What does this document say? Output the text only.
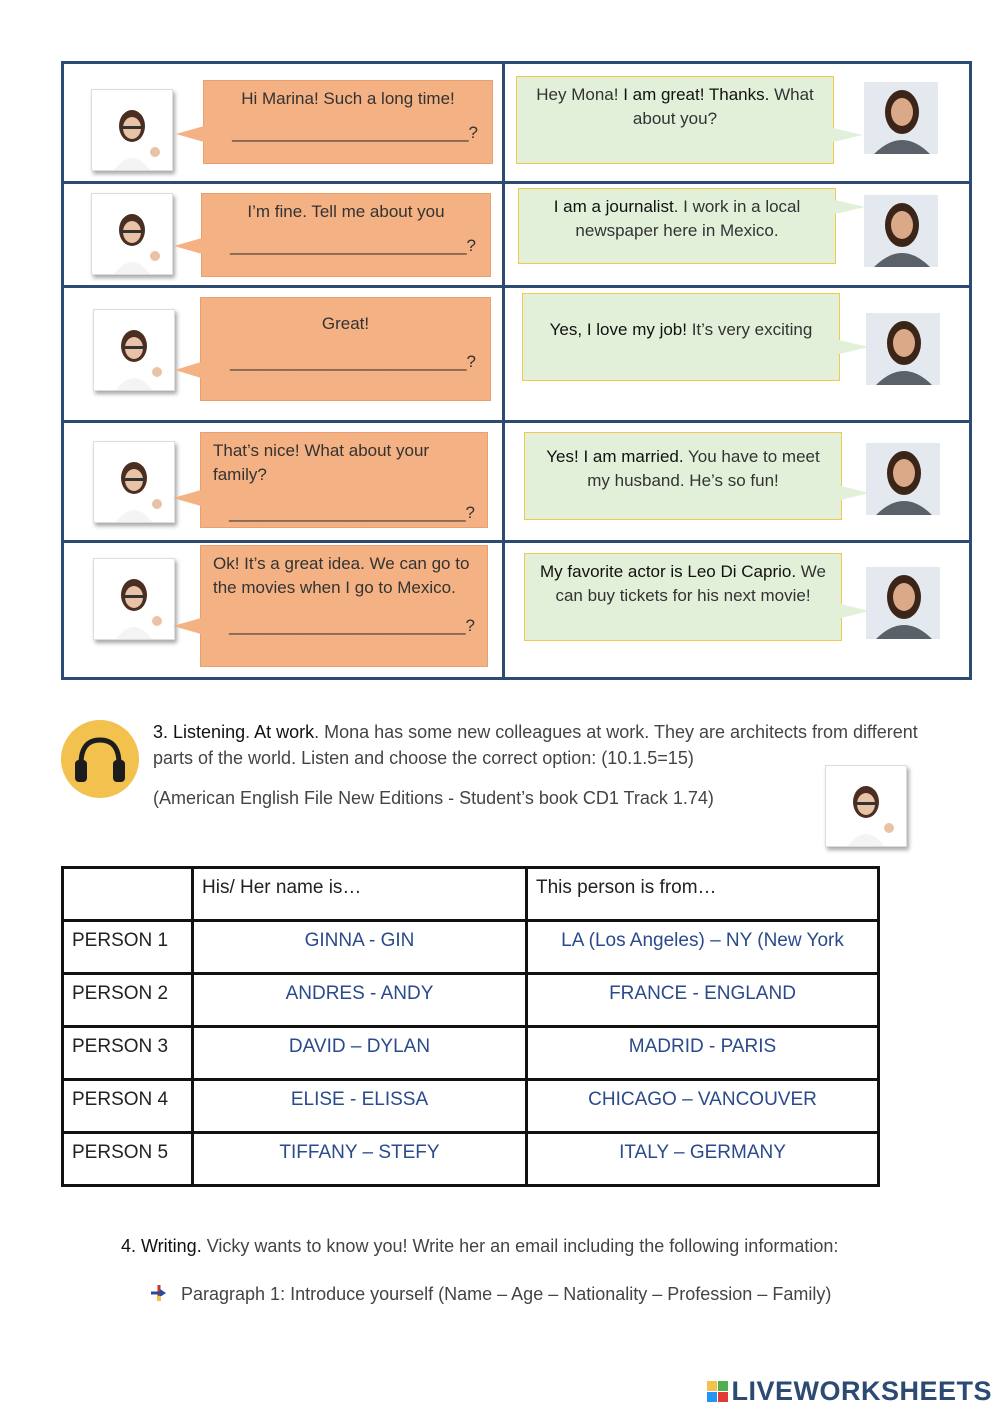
Hi Marina! Such a long time!
_________________________?
Hey Mona! I am great! Thanks. What about you?
I’m fine. Tell me about you
_________________________?
I am a journalist. I work in a local newspaper here in Mexico.
Great!
_________________________?
Yes, I love my job! It’s very exciting
That’s nice! What about your family?
_________________________?
Yes! I am married. You have to meet my husband. He’s so fun!
Ok! It’s a great idea. We can go to the movies when I go to Mexico.
_________________________?
My favorite actor is Leo Di Caprio. We can buy tickets for his next movie!
3. Listening. At work. Mona has some new colleagues at work. They are architects from different parts of the world. Listen and choose the correct option: (10.1.5=15)
(American English File New Editions - Student’s book CD1 Track 1.74)
	His/ Her name is…	This person is from…
PERSON 1	GINNA - GIN	LA (Los Angeles) – NY (New York
PERSON 2	ANDRES - ANDY	FRANCE - ENGLAND
PERSON 3	DAVID – DYLAN	MADRID - PARIS
PERSON 4	ELISE - ELISSA	CHICAGO – VANCOUVER
PERSON 5	TIFFANY – STEFY	ITALY – GERMANY
4. Writing. Vicky wants to know you! Write her an email including the following information:
Paragraph 1: Introduce yourself (Name – Age – Nationality – Profession – Family)
LIVEWORKSHEETS
